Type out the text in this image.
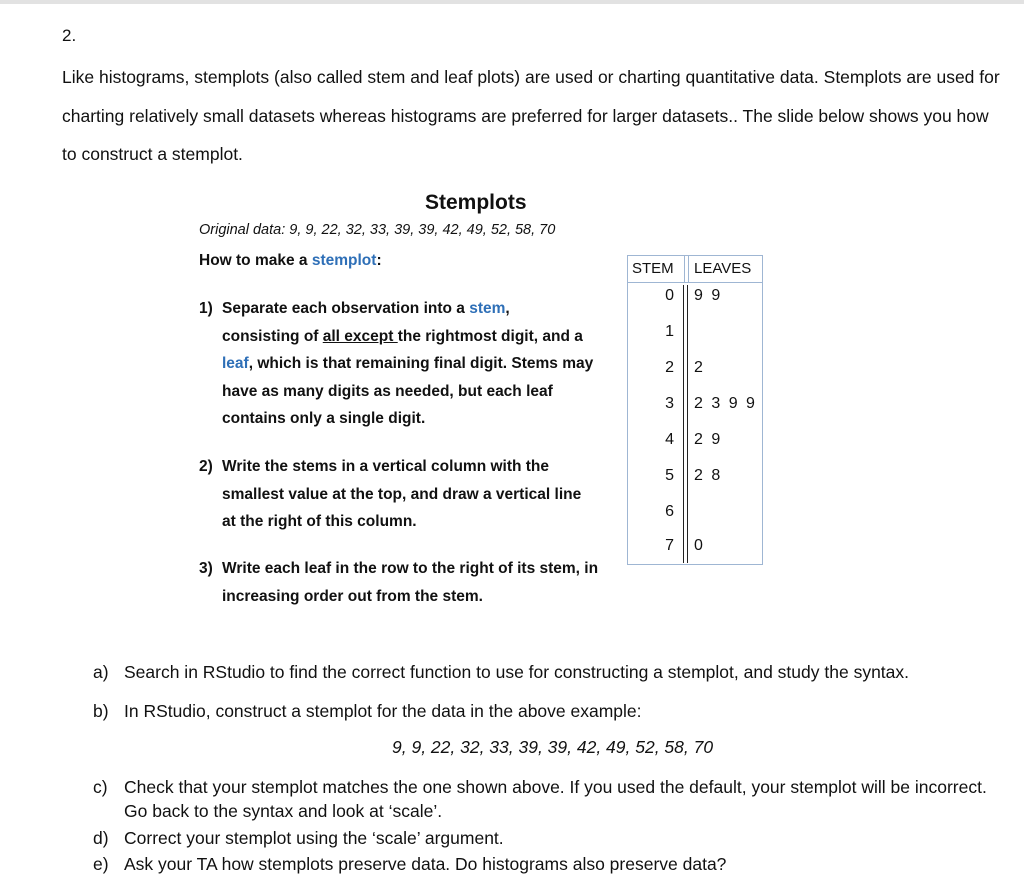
2.

Like histograms, stemplots (also called stem and leaf plots) are used or charting quantitative data. Stemplots are used for charting relatively small datasets whereas histograms are preferred for larger datasets.. The slide below shows you how to construct a stemplot.

Stemplots
Original data: 9, 9, 22, 32, 33, 39, 39, 42, 49, 52, 58, 70
How to make a stemplot:
1) Separate each observation into a stem,
consisting of all except the rightmost digit, and a leaf, which is that remaining final digit. Stems may have as many digits as needed, but each leaf contains only a single digit.
2) Write the stems in a vertical column with the smallest value at the top, and draw a vertical line at the right of this column.
3) Write each leaf in the row to the right of its stem, in increasing order out from the stem.
STEM LEAVES
0 9 9
1
2 2
3 2 3 9 9
4 2 9
5 2 8
6
7 0
a) Search in RStudio to find the correct function to use for constructing a stemplot, and study the syntax.
b) In RStudio, construct a stemplot for the data in the above example:
9, 9, 22, 32, 33, 39, 39, 42, 49, 52, 58, 70
c) Check that your stemplot matches the one shown above. If you used the default, your stemplot will be incorrect. Go back to the syntax and look at ‘scale’.
d) Correct your stemplot using the ‘scale’ argument.
e) Ask your TA how stemplots preserve data. Do histograms also preserve data?
